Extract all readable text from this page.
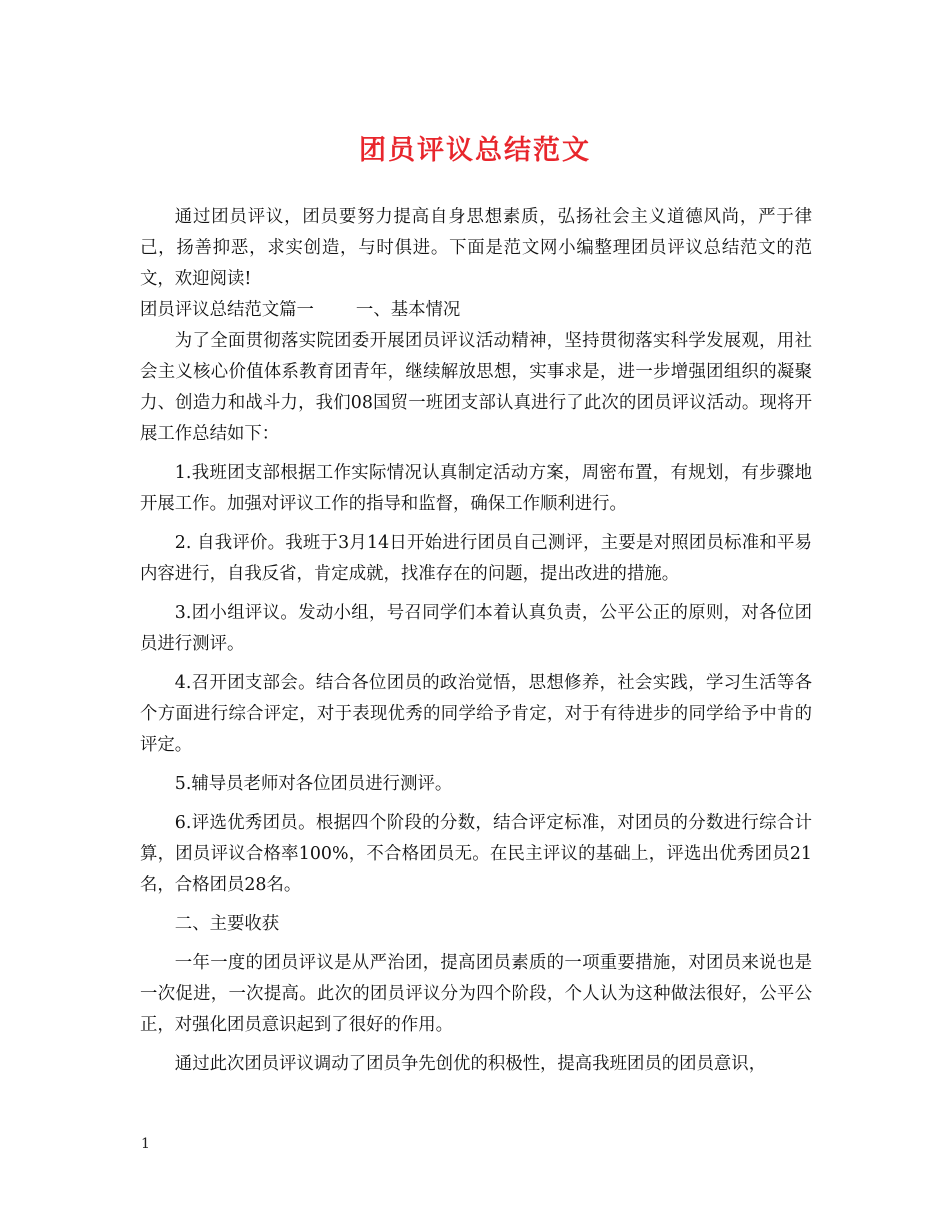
团员评议总结范文

通过团员评议，团员要努力提高自身思想素质，弘扬社会主义道德风尚，严于律己，扬善抑恶，求实创造，与时俱进。下面是范文网小编整理团员评议总结范文的范文，欢迎阅读!

团员评议总结范文篇一 一、基本情况

为了全面贯彻落实院团委开展团员评议活动精神，坚持贯彻落实科学发展观，用社会主义核心价值体系教育团青年，继续解放思想，实事求是，进一步增强团组织的凝聚力、创造力和战斗力，我们08国贸一班团支部认真进行了此次的团员评议活动。现将开展工作总结如下：

1.我班团支部根据工作实际情况认真制定活动方案，周密布置，有规划，有步骤地开展工作。加强对评议工作的指导和监督，确保工作顺利进行。

2. 自我评价。我班于3月14日开始进行团员自己测评，主要是对照团员标准和平易内容进行，自我反省，肯定成就，找准存在的问题，提出改进的措施。

3.团小组评议。发动小组，号召同学们本着认真负责，公平公正的原则，对各位团员进行测评。

4.召开团支部会。结合各位团员的政治觉悟，思想修养，社会实践，学习生活等各个方面进行综合评定，对于表现优秀的同学给予肯定，对于有待进步的同学给予中肯的评定。

5.辅导员老师对各位团员进行测评。

6.评选优秀团员。根据四个阶段的分数，结合评定标准，对团员的分数进行综合计算，团员评议合格率100%，不合格团员无。在民主评议的基础上，评选出优秀团员21名，合格团员28名。

二、主要收获

一年一度的团员评议是从严治团，提高团员素质的一项重要措施，对团员来说也是一次促进，一次提高。此次的团员评议分为四个阶段，个人认为这种做法很好，公平公正，对强化团员意识起到了很好的作用。

通过此次团员评议调动了团员争先创优的积极性，提高我班团员的团员意识，

1
